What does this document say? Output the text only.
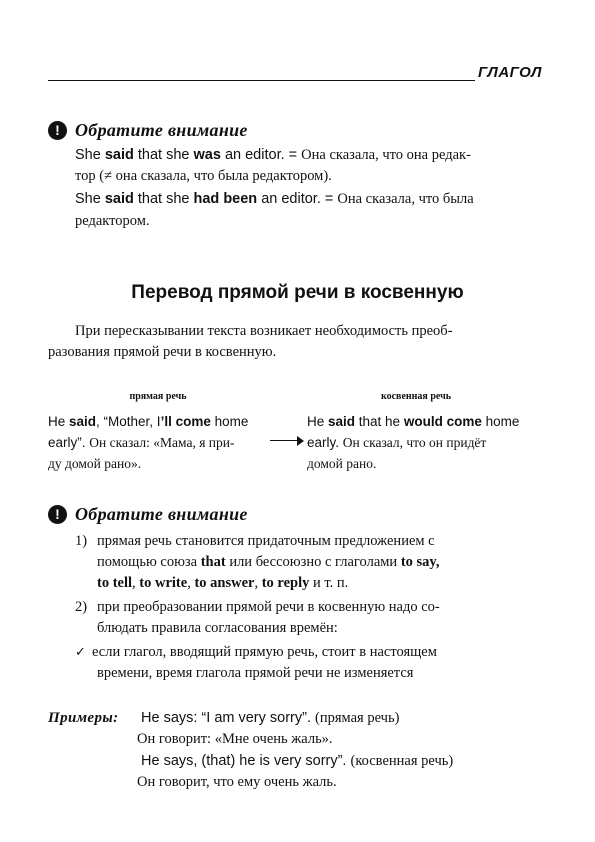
ГЛАГОЛ
! Обратите внимание
She said that she was an editor. = Она сказала, что она редак-
тор (≠ она сказала, что была редактором).
She said that she had been an editor. = Она сказала, что была
редактором.
Перевод прямой речи в косвенную
При пересказывании текста возникает необходимость преоб-
разования прямой речи в косвенную.
прямая речь	косвенная речь
He said, “Mother, I’ll come home
early”. Он сказал: «Мама, я при-
ду домой рано».
He said that he would come home
early. Он сказал, что он придёт
домой рано.
! Обратите внимание
1) прямая речь становится придаточным предложением с
помощью союза that или бессоюзно с глаголами to say,
to tell, to write, to answer, to reply и т. п.
2) при преобразовании прямой речи в косвенную надо со-
блюдать правила согласования времён:
✓ если глагол, вводящий прямую речь, стоит в настоящем
времени, время глагола прямой речи не изменяется
Примеры: He says: “I am very sorry”. (прямая речь)
Он говорит: «Мне очень жаль».
He says, (that) he is very sorry”. (косвенная речь)
Он говорит, что ему очень жаль.
